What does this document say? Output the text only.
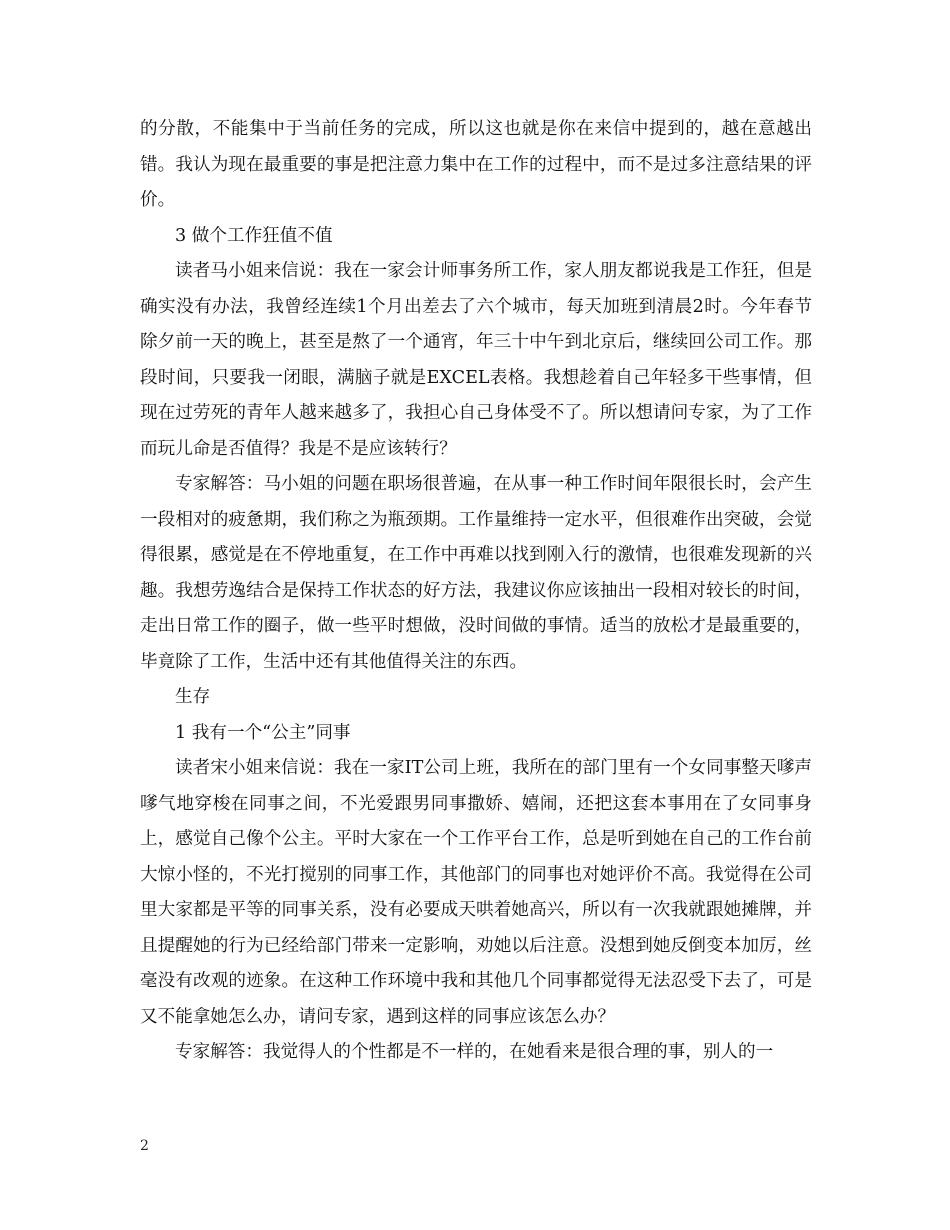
的分散，不能集中于当前任务的完成，所以这也就是你在来信中提到的，越在意越出错。我认为现在最重要的事是把注意力集中在工作的过程中，而不是过多注意结果的评价。

3 做个工作狂值不值

读者马小姐来信说：我在一家会计师事务所工作，家人朋友都说我是工作狂，但是确实没有办法，我曾经连续1个月出差去了六个城市，每天加班到清晨2时。今年春节除夕前一天的晚上，甚至是熬了一个通宵，年三十中午到北京后，继续回公司工作。那段时间，只要我一闭眼，满脑子就是EXCEL表格。我想趁着自己年轻多干些事情，但现在过劳死的青年人越来越多了，我担心自己身体受不了。所以想请问专家，为了工作而玩儿命是否值得？我是不是应该转行？

专家解答：马小姐的问题在职场很普遍，在从事一种工作时间年限很长时，会产生一段相对的疲惫期，我们称之为瓶颈期。工作量维持一定水平，但很难作出突破，会觉得很累，感觉是在不停地重复，在工作中再难以找到刚入行的激情，也很难发现新的兴趣。我想劳逸结合是保持工作状态的好方法，我建议你应该抽出一段相对较长的时间，走出日常工作的圈子，做一些平时想做，没时间做的事情。适当的放松才是最重要的，毕竟除了工作，生活中还有其他值得关注的东西。

生存

1 我有一个“公主”同事

读者宋小姐来信说：我在一家IT公司上班，我所在的部门里有一个女同事整天嗲声嗲气地穿梭在同事之间，不光爱跟男同事撒娇、嬉闹，还把这套本事用在了女同事身上，感觉自己像个公主。平时大家在一个工作平台工作，总是听到她在自己的工作台前大惊小怪的，不光打搅别的同事工作，其他部门的同事也对她评价不高。我觉得在公司里大家都是平等的同事关系，没有必要成天哄着她高兴，所以有一次我就跟她摊牌，并且提醒她的行为已经给部门带来一定影响，劝她以后注意。没想到她反倒变本加厉，丝毫没有改观的迹象。在这种工作环境中我和其他几个同事都觉得无法忍受下去了，可是又不能拿她怎么办，请问专家，遇到这样的同事应该怎么办？

专家解答：我觉得人的个性都是不一样的，在她看来是很合理的事，别人的一

2
